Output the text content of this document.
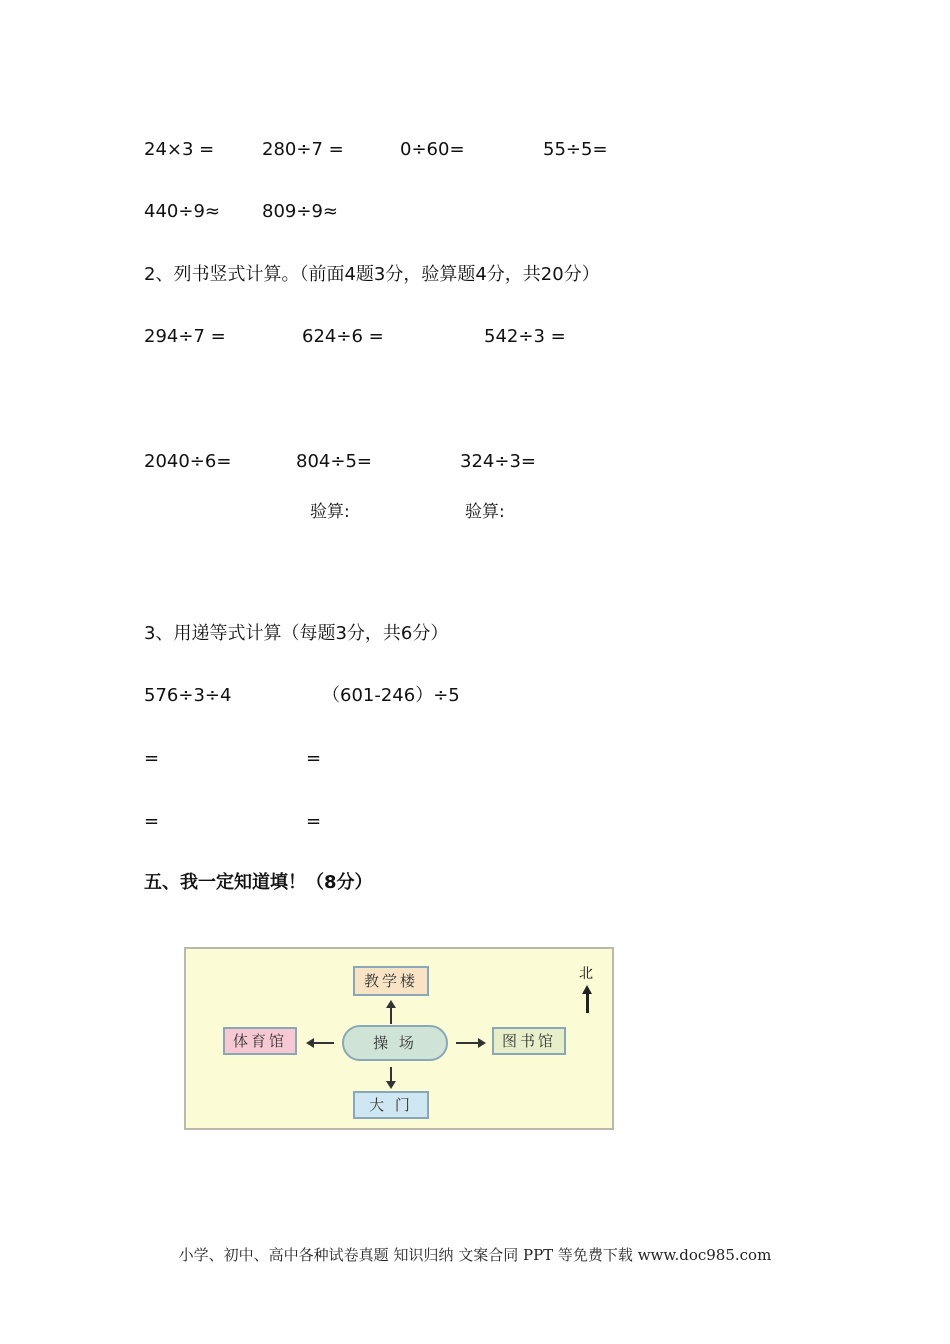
24×3 =	280÷7 =	0÷60=	55÷5=
440÷9≈ 809÷9≈
2、列书竖式计算。（前面4题3分，验算题4分，共20分）
294÷7 =	624÷6 =	542÷3 =
2040÷6=	804÷5=	324÷3=
验算:	验算:
3、用递等式计算（每题3分，共6分）
576÷3÷4	（601-246）÷5
=	=
=	=
五、我一定知道填！（8分）
教学楼
操 场
体育馆	图书馆
大 门
北
小学、初中、高中各种试卷真题 知识归纳 文案合同 PPT 等免费下载 www.doc985.com
